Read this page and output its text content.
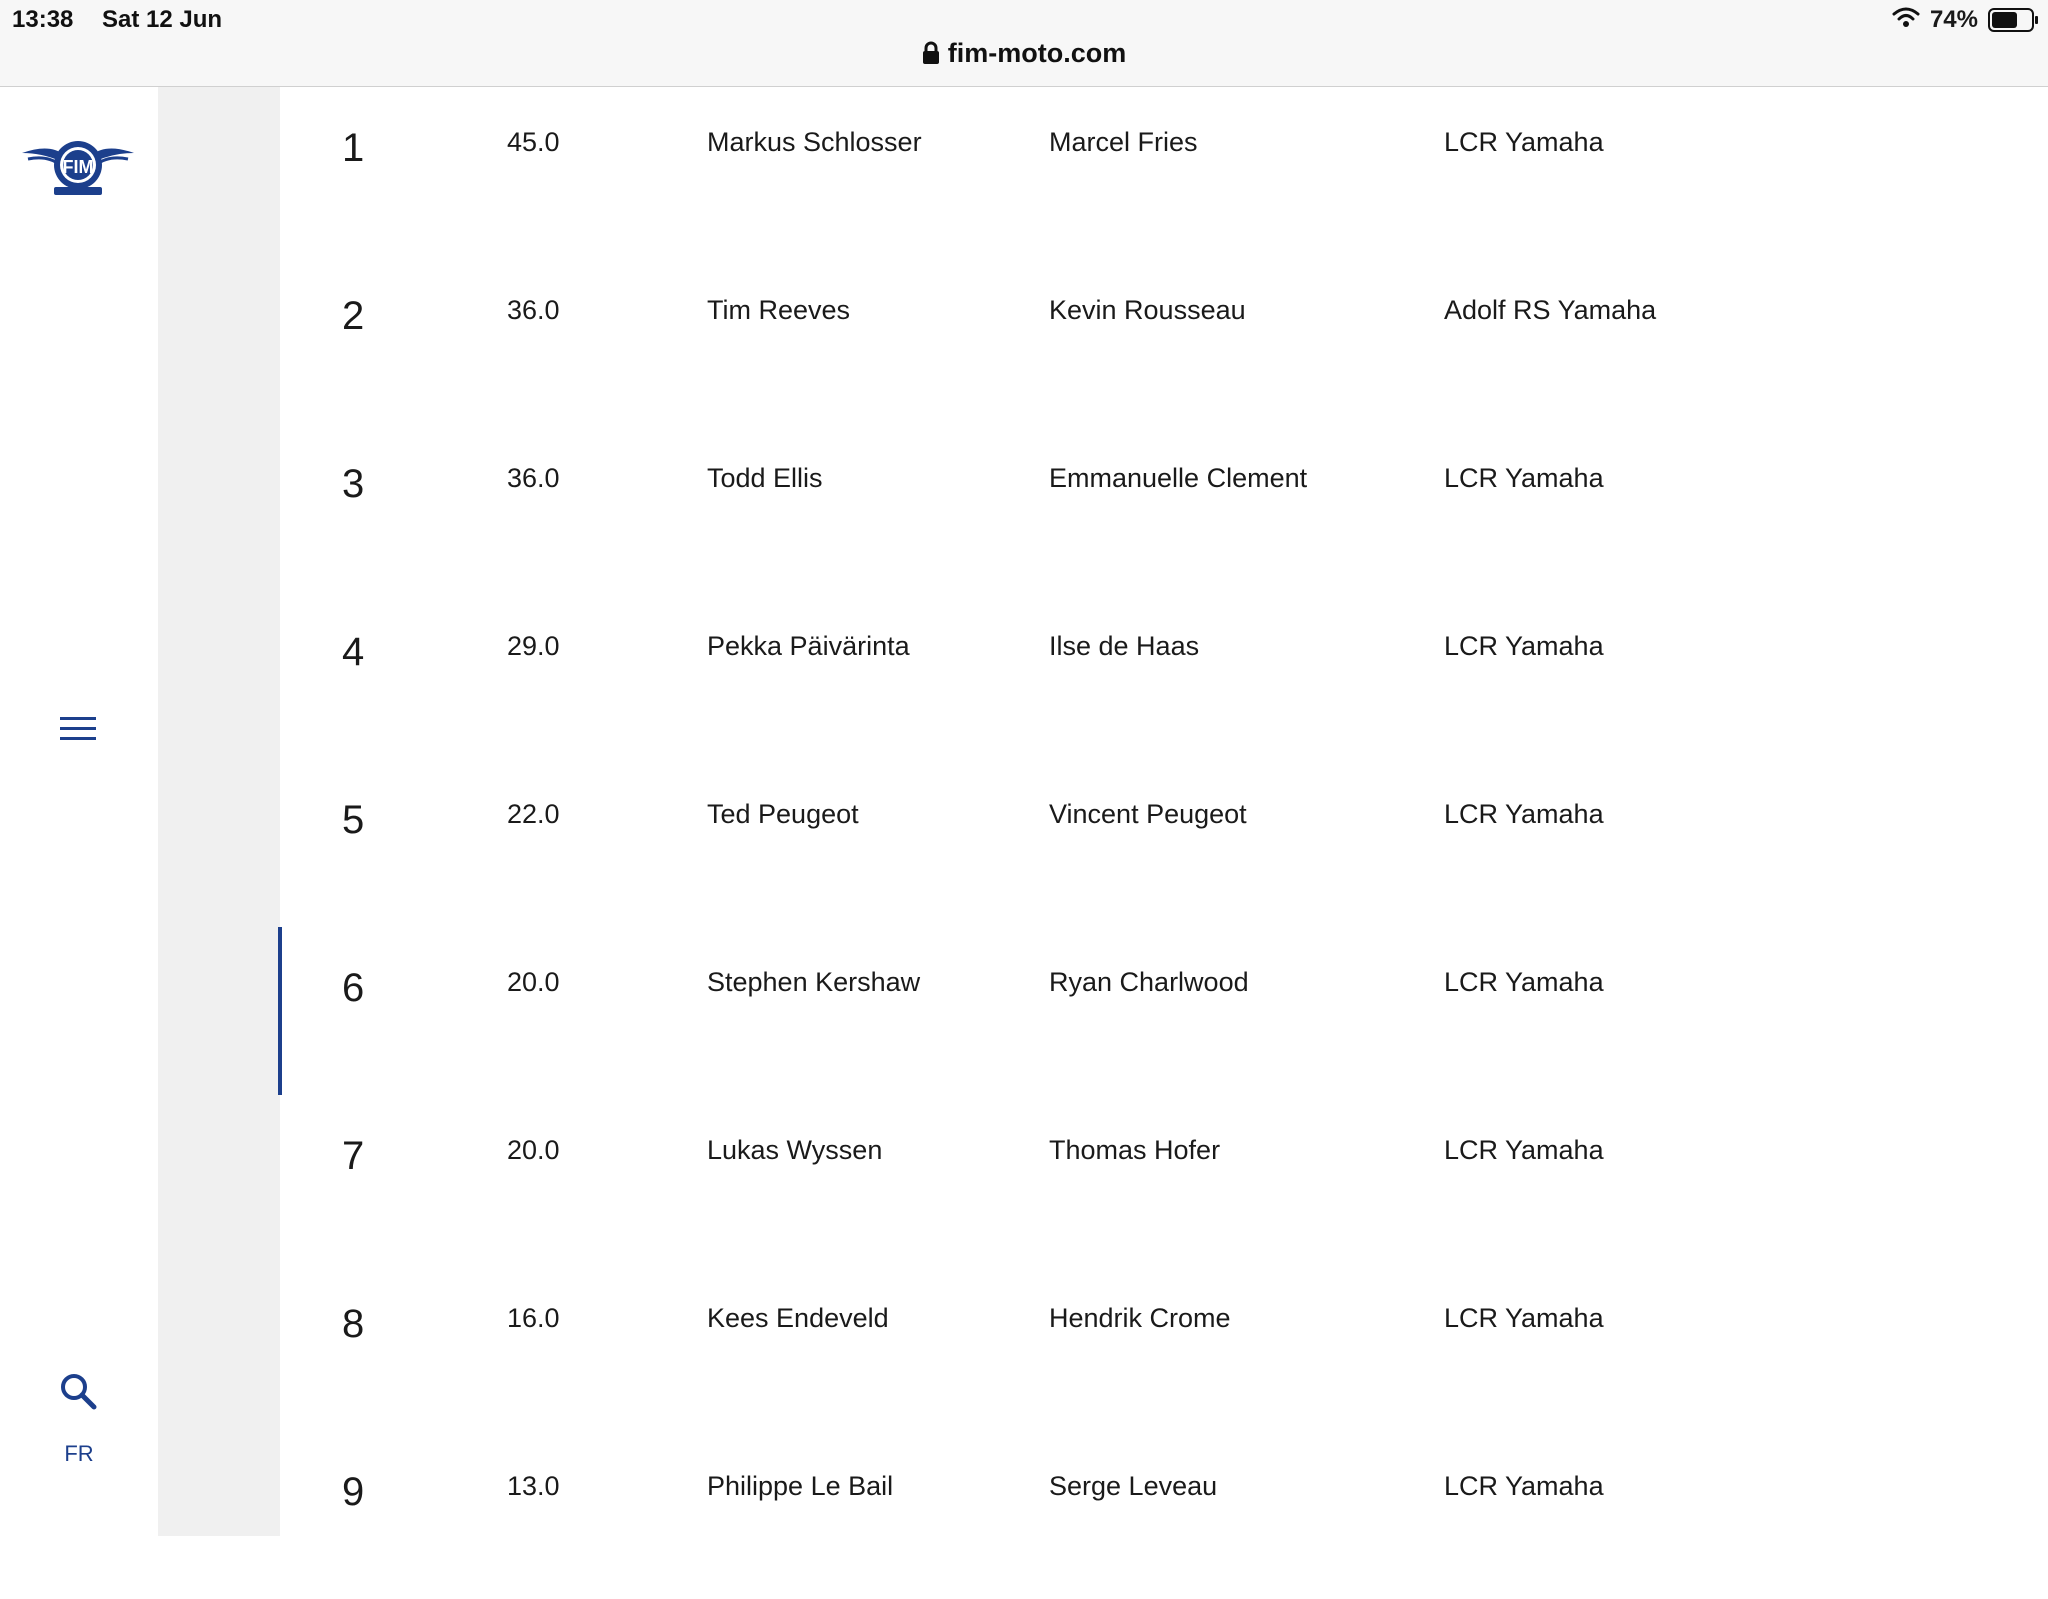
13:38 Sat 12 Jun	74%
fim-moto.com
FIM
FR
1	45.0	Markus Schlosser	Marcel Fries	LCR Yamaha
2	36.0	Tim Reeves	Kevin Rousseau	Adolf RS Yamaha
3	36.0	Todd Ellis	Emmanuelle Clement	LCR Yamaha
4	29.0	Pekka Päivärinta	Ilse de Haas	LCR Yamaha
5	22.0	Ted Peugeot	Vincent Peugeot	LCR Yamaha
6	20.0	Stephen Kershaw	Ryan Charlwood	LCR Yamaha
7	20.0	Lukas Wyssen	Thomas Hofer	LCR Yamaha
8	16.0	Kees Endeveld	Hendrik Crome	LCR Yamaha
9	13.0	Philippe Le Bail	Serge Leveau	LCR Yamaha
